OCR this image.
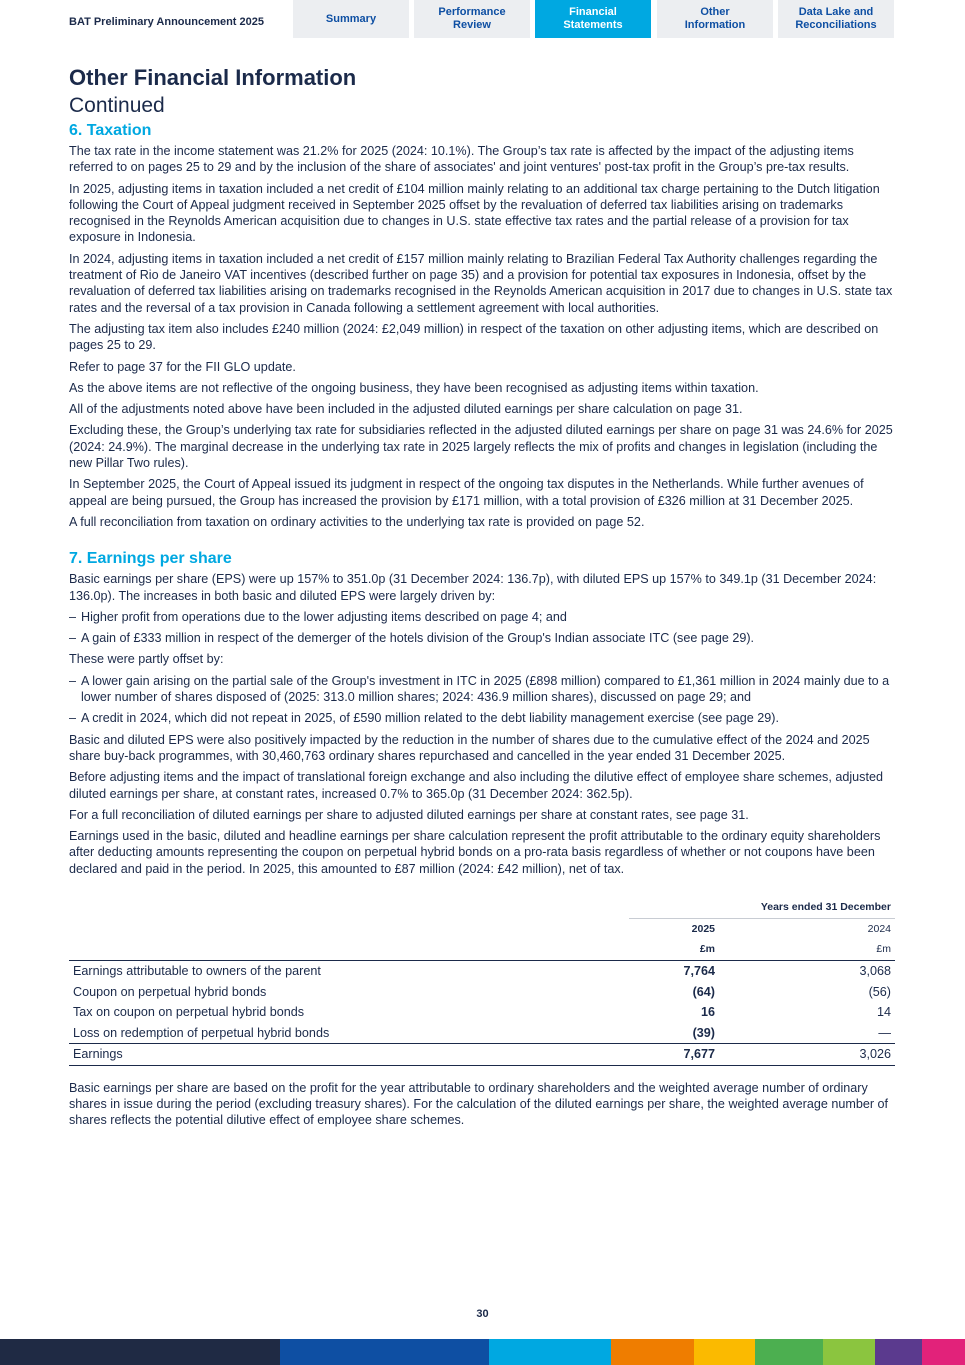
BAT Preliminary Announcement 2025	Summary
Performance
Review
Financial
Statements
Other
Information
Data Lake and
Reconciliations
Other Financial Information
Continued
6. Taxation

The tax rate in the income statement was 21.2% for 2025 (2024: 10.1%). The Group’s tax rate is affected by the impact of the adjusting items referred to on pages 25 to 29 and by the inclusion of the share of associates' and joint ventures' post-tax profit in the Group’s pre-tax results.

In 2025, adjusting items in taxation included a net credit of £104 million mainly relating to an additional tax charge pertaining to the Dutch litigation following the Court of Appeal judgment received in September 2025 offset by the revaluation of deferred tax liabilities arising on trademarks recognised in the Reynolds American acquisition due to changes in U.S. state effective tax rates and the partial release of a provision for tax exposure in Indonesia.

In 2024, adjusting items in taxation included a net credit of £157 million mainly relating to Brazilian Federal Tax Authority challenges regarding the treatment of Rio de Janeiro VAT incentives (described further on page 35) and a provision for potential tax exposures in Indonesia, offset by the revaluation of deferred tax liabilities arising on trademarks recognised in the Reynolds American acquisition in 2017 due to changes in U.S. state tax rates and the reversal of a tax provision in Canada following a settlement agreement with local authorities.

The adjusting tax item also includes £240 million (2024: £2,049 million) in respect of the taxation on other adjusting items, which are described on pages 25 to 29.

Refer to page 37 for the FII GLO update.

As the above items are not reflective of the ongoing business, they have been recognised as adjusting items within taxation.

All of the adjustments noted above have been included in the adjusted diluted earnings per share calculation on page 31.

Excluding these, the Group’s underlying tax rate for subsidiaries reflected in the adjusted diluted earnings per share on page 31 was 24.6% for 2025 (2024: 24.9%). The marginal decrease in the underlying tax rate in 2025 largely reflects the mix of profits and changes in legislation (including the new Pillar Two rules).

In September 2025, the Court of Appeal issued its judgment in respect of the ongoing tax disputes in the Netherlands. While further avenues of appeal are being pursued, the Group has increased the provision by £171 million, with a total provision of £326 million at 31 December 2025.

A full reconciliation from taxation on ordinary activities to the underlying tax rate is provided on page 52.

7. Earnings per share

Basic earnings per share (EPS) were up 157% to 351.0p (31 December 2024: 136.7p), with diluted EPS up 157% to 349.1p (31 December 2024: 136.0p). The increases in both basic and diluted EPS were largely driven by:

– Higher profit from operations due to the lower adjusting items described on page 4; and
– A gain of £333 million in respect of the demerger of the hotels division of the Group's Indian associate ITC (see page 29).

These were partly offset by:

– A lower gain arising on the partial sale of the Group's investment in ITC in 2025 (£898 million) compared to £1,361 million in 2024 mainly due to a lower number of shares disposed of (2025: 313.0 million shares; 2024: 436.9 million shares), discussed on page 29; and
– A credit in 2024, which did not repeat in 2025, of £590 million related to the debt liability management exercise (see page 29).

Basic and diluted EPS were also positively impacted by the reduction in the number of shares due to the cumulative effect of the 2024 and 2025 share buy-back programmes, with 30,460,763 ordinary shares repurchased and cancelled in the year ended 31 December 2025.

Before adjusting items and the impact of translational foreign exchange and also including the dilutive effect of employee share schemes, adjusted diluted earnings per share, at constant rates, increased 0.7% to 365.0p (31 December 2024: 362.5p).

For a full reconciliation of diluted earnings per share to adjusted diluted earnings per share at constant rates, see page 31.

Earnings used in the basic, diluted and headline earnings per share calculation represent the profit attributable to the ordinary equity shareholders after deducting amounts representing the coupon on perpetual hybrid bonds on a pro-rata basis regardless of whether or not coupons have been declared and paid in the period. In 2025, this amounted to £87 million (2024: £42 million), net of tax.

	Years ended 31 December	
	2025	2024
	£m	£m
Earnings attributable to owners of the parent	7,764	3,068
Coupon on perpetual hybrid bonds	(64)	(56)
Tax on coupon on perpetual hybrid bonds	16	14
Loss on redemption of perpetual hybrid bonds	(39)	—
Earnings	7,677	3,026

Basic earnings per share are based on the profit for the year attributable to ordinary shareholders and the weighted average number of ordinary shares in issue during the period (excluding treasury shares). For the calculation of the diluted earnings per share, the weighted average number of shares reflects the potential dilutive effect of employee share schemes.

30
